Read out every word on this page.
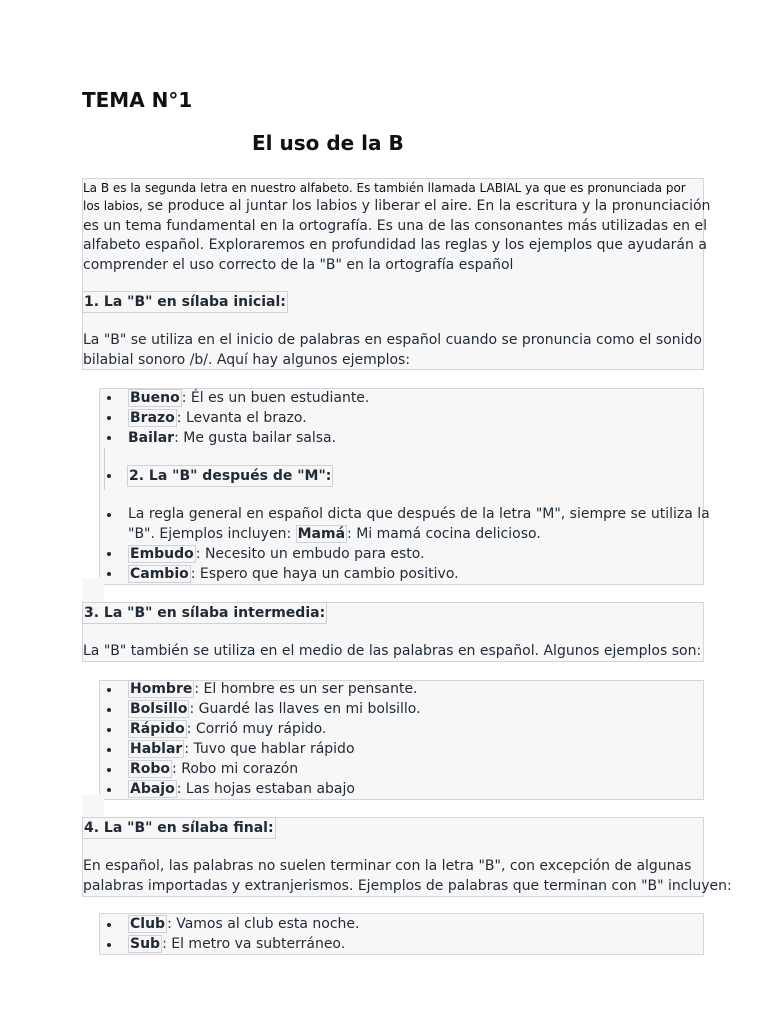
TEMA N°1
El uso de la B
La B es la segunda letra en nuestro alfabeto. Es también llamada LABIAL ya que es pronunciada por
los labios, se produce al juntar los labios y liberar el aire. En la escritura y la pronunciación
es un tema fundamental en la ortografía. Es una de las consonantes más utilizadas en el
alfabeto español. Exploraremos en profundidad las reglas y los ejemplos que ayudarán a
comprender el uso correcto de la "B" en la ortografía español
1. La "B" en sílaba inicial:
La "B" se utiliza en el inicio de palabras en español cuando se pronuncia como el sonido
bilabial sonoro /b/. Aquí hay algunos ejemplos:
Bueno : Él es un buen estudiante.
Brazo : Levanta el brazo.
Bailar: Me gusta bailar salsa.
2. La "B" después de "M":
La regla general en español dicta que después de la letra "M", siempre se utiliza la
"B". Ejemplos incluyen: Mamá : Mi mamá cocina delicioso.
Embudo : Necesito un embudo para esto.
Cambio : Espero que haya un cambio positivo.
3. La "B" en sílaba intermedia:
La "B" también se utiliza en el medio de las palabras en español. Algunos ejemplos son:
Hombre : El hombre es un ser pensante.
Bolsillo : Guardé las llaves en mi bolsillo.
Rápido : Corrió muy rápido.
Hablar : Tuvo que hablar rápido
Robo : Robo mi corazón
Abajo : Las hojas estaban abajo
4. La "B" en sílaba final:
En español, las palabras no suelen terminar con la letra "B", con excepción de algunas
palabras importadas y extranjerismos. Ejemplos de palabras que terminan con "B" incluyen:
Club : Vamos al club esta noche.
Sub : El metro va subterráneo.
